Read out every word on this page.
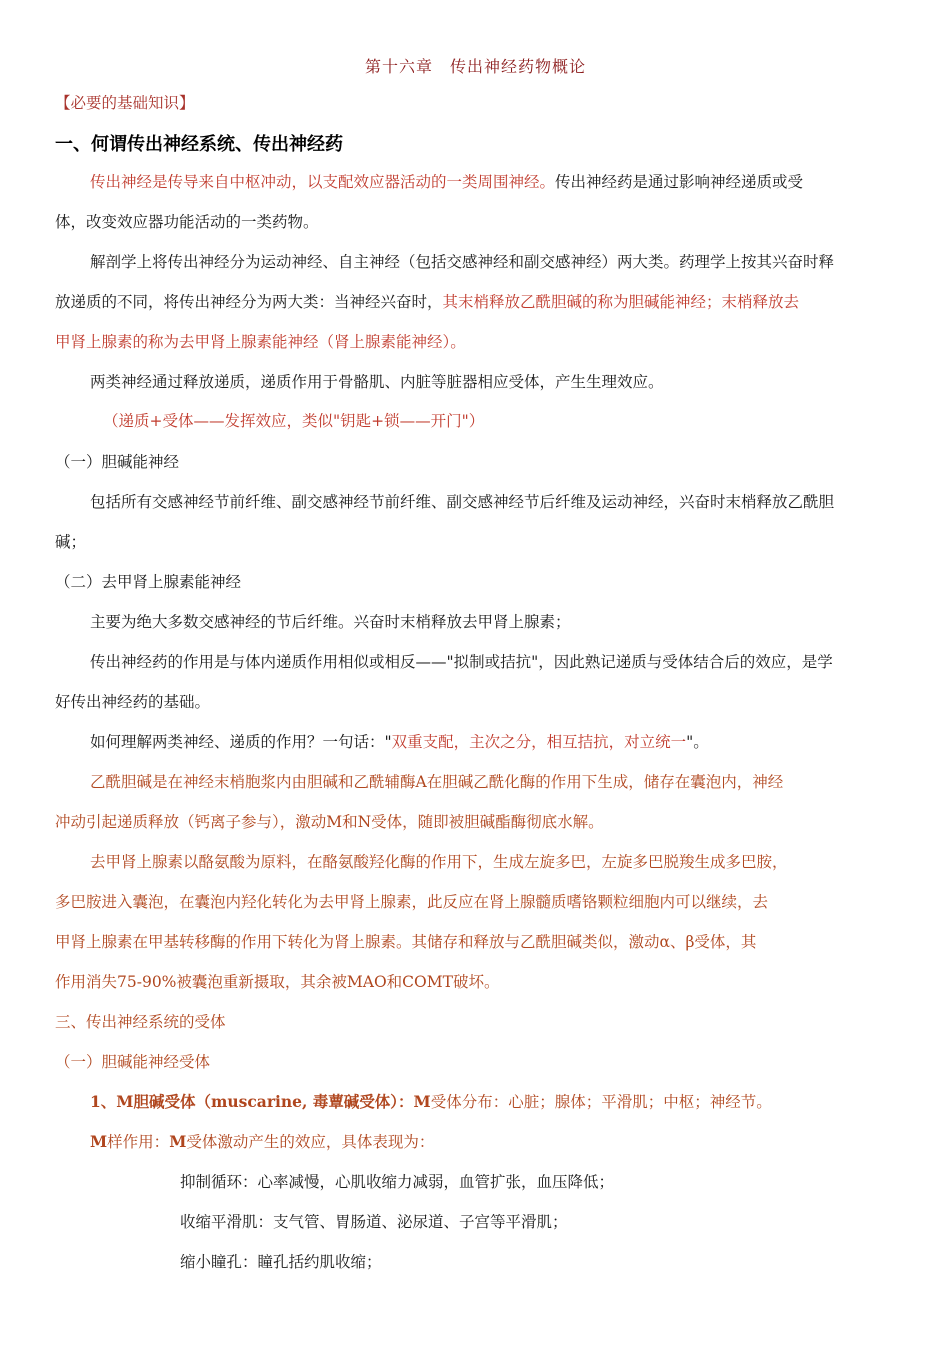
第十六章　传出神经药物概论
【必要的基础知识】
一、何谓传出神经系统、传出神经药
传出神经是传导来自中枢冲动，以支配效应器活动的一类周围神经。传出神经药是通过影响神经递质或受
体，改变效应器功能活动的一类药物。
解剖学上将传出神经分为运动神经、自主神经（包括交感神经和副交感神经）两大类。药理学上按其兴奋时释
放递质的不同，将传出神经分为两大类：当神经兴奋时，其末梢释放乙酰胆碱的称为胆碱能神经；末梢释放去
甲肾上腺素的称为去甲肾上腺素能神经（肾上腺素能神经）。
两类神经通过释放递质，递质作用于骨骼肌、内脏等脏器相应受体，产生生理效应。
（递质+受体——发挥效应，类似"钥匙+锁——开门"）
（一）胆碱能神经
包括所有交感神经节前纤维、副交感神经节前纤维、副交感神经节后纤维及运动神经，兴奋时末梢释放乙酰胆
碱；
（二）去甲肾上腺素能神经
主要为绝大多数交感神经的节后纤维。兴奋时末梢释放去甲肾上腺素；
传出神经药的作用是与体内递质作用相似或相反——"拟制或拮抗"，因此熟记递质与受体结合后的效应，是学
好传出神经药的基础。
如何理解两类神经、递质的作用？一句话："双重支配，主次之分，相互拮抗，对立统一"。
乙酰胆碱是在神经末梢胞浆内由胆碱和乙酰辅酶A在胆碱乙酰化酶的作用下生成，储存在囊泡内，神经
冲动引起递质释放（钙离子参与），激动M和N受体，随即被胆碱酯酶彻底水解。
去甲肾上腺素以酪氨酸为原料，在酪氨酸羟化酶的作用下，生成左旋多巴，左旋多巴脱羧生成多巴胺，
多巴胺进入囊泡，在囊泡内羟化转化为去甲肾上腺素，此反应在肾上腺髓质嗜铬颗粒细胞内可以继续，去
甲肾上腺素在甲基转移酶的作用下转化为肾上腺素。其储存和释放与乙酰胆碱类似，激动α、β受体，其
作用消失75-90%被囊泡重新摄取，其余被MAO和COMT破坏。
三、传出神经系统的受体
（一）胆碱能神经受体
1、M胆碱受体（muscarine, 毒蕈碱受体）：M受体分布：心脏；腺体；平滑肌；中枢；神经节。
M样作用：M受体激动产生的效应，具体表现为：
抑制循环：心率减慢，心肌收缩力减弱，血管扩张，血压降低；
收缩平滑肌：支气管、胃肠道、泌尿道、子宫等平滑肌；
缩小瞳孔：瞳孔括约肌收缩；
